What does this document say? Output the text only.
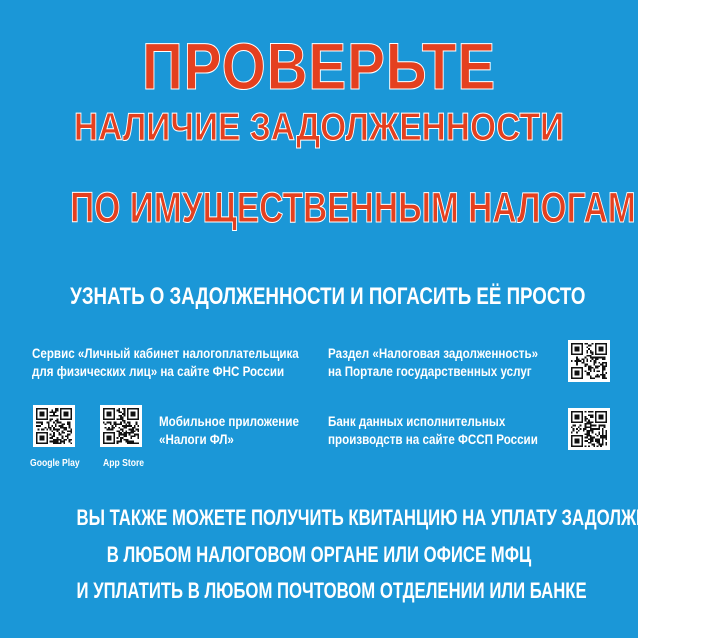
ПРОВЕРЬТЕ
НАЛИЧИЕ ЗАДОЛЖЕННОСТИ
ПО ИМУЩЕСТВЕННЫМ НАЛОГАМ
УЗНАТЬ О ЗАДОЛЖЕННОСТИ И ПОГАСИТЬ ЕЁ ПРОСТО
Сервис «Личный кабинет налогоплательщика
для физических лиц» на сайте ФНС России
Раздел «Налоговая задолженность»
на Портале государственных услуг
Мобильное приложение
«Налоги ФЛ»
Банк данных исполнительных
производств на сайте ФССП России
Google Play App Store
ВЫ ТАКЖЕ МОЖЕТЕ ПОЛУЧИТЬ КВИТАНЦИЮ НА УПЛАТУ ЗАДОЛЖЕННОСТИ
В ЛЮБОМ НАЛОГОВОМ ОРГАНЕ ИЛИ ОФИСЕ МФЦ
И УПЛАТИТЬ В ЛЮБОМ ПОЧТОВОМ ОТДЕЛЕНИИ ИЛИ БАНКЕ
